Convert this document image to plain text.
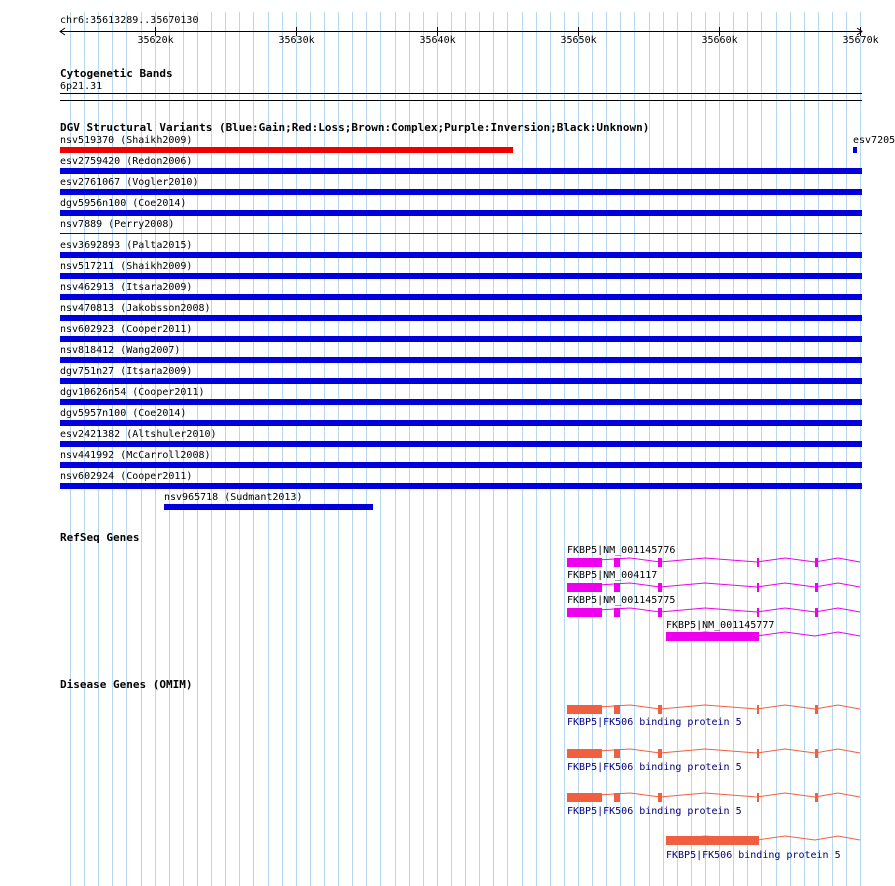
chr6:35613289..35670130
Cytogenetic Bands
6p21.31
DGV Structural Variants (Blue:Gain;Red:Loss;Brown:Complex;Purple:Inversion;Black:Unknown)
RefSeq Genes
Disease Genes (OMIM)
35620k	35630k	35640k	35650k	35660k	35670k
nsv519370 (Shaikh2009)	esv7205
esv2759420 (Redon2006)
esv2761067 (Vogler2010)
dgv5956n100 (Coe2014)
nsv7889 (Perry2008)
esv3692893 (Palta2015)
nsv517211 (Shaikh2009)
nsv462913 (Itsara2009)
nsv470813 (Jakobsson2008)
nsv602923 (Cooper2011)
nsv818412 (Wang2007)
dgv751n27 (Itsara2009)
dgv10626n54 (Cooper2011)
dgv5957n100 (Coe2014)
esv2421382 (Altshuler2010)
nsv441992 (McCarroll2008)
nsv602924 (Cooper2011)
nsv965718 (Sudmant2013)
FKBP5|NM_001145776
FKBP5|NM_004117
FKBP5|NM_001145775
FKBP5|NM_001145777
FKBP5|FK506 binding protein 5
FKBP5|FK506 binding protein 5
FKBP5|FK506 binding protein 5
FKBP5|FK506 binding protein 5
